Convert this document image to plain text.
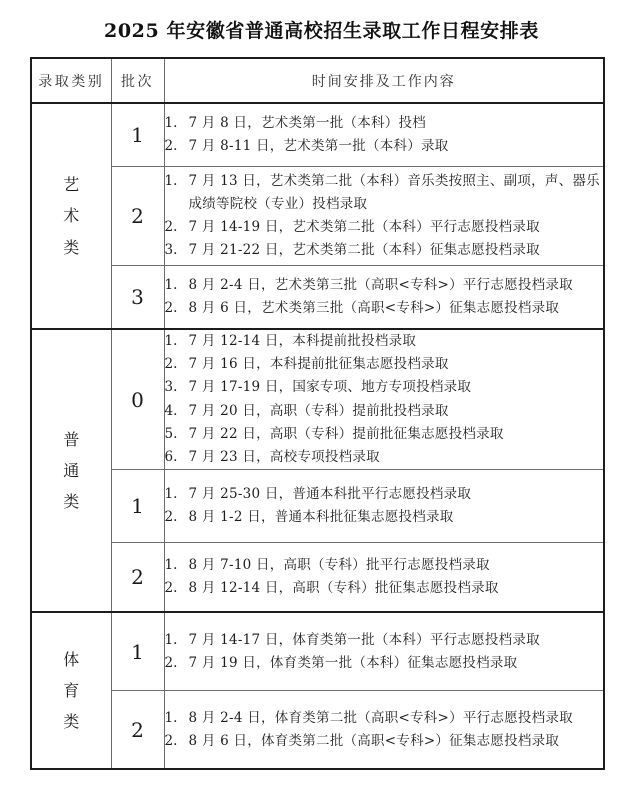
2025 年安徽省普通高校招生录取工作日程安排表
录取类别	批次	时间安排及工作内容

艺
术
类
	1	
1. 7 月 8 日，艺术类第一批（本科）投档
2. 7 月 8-11 日，艺术类第一批（本科）录取

2	
1. 7 月 13 日，艺术类第二批（本科）音乐类按照主、副项，声、器乐成绩等院校（专业）投档录取
2. 7 月 14-19 日，艺术类第二批（本科）平行志愿投档录取
3. 7 月 21-22 日，艺术类第二批（本科）征集志愿投档录取

3	
1. 8 月 2-4 日，艺术类第三批（高职<专科>）平行志愿投档录取
2. 8 月 6 日，艺术类第三批（高职<专科>）征集志愿投档录取

普
通
类
	0	
1. 7 月 12-14 日，本科提前批投档录取
2. 7 月 16 日，本科提前批征集志愿投档录取
3. 7 月 17-19 日，国家专项、地方专项投档录取
4. 7 月 20 日，高职（专科）提前批投档录取
5. 7 月 22 日，高职（专科）提前批征集志愿投档录取
6. 7 月 23 日，高校专项投档录取

1	
1. 7 月 25-30 日，普通本科批平行志愿投档录取
2. 8 月 1-2 日，普通本科批征集志愿投档录取

2	
1. 8 月 7-10 日，高职（专科）批平行志愿投档录取
2. 8 月 12-14 日，高职（专科）批征集志愿投档录取

体
育
类
	1	
1. 7 月 14-17 日，体育类第一批（本科）平行志愿投档录取
2. 7 月 19 日，体育类第一批（本科）征集志愿投档录取

2	
1. 8 月 2-4 日，体育类第二批（高职<专科>）平行志愿投档录取
2. 8 月 6 日，体育类第二批（高职<专科>）征集志愿投档录取
